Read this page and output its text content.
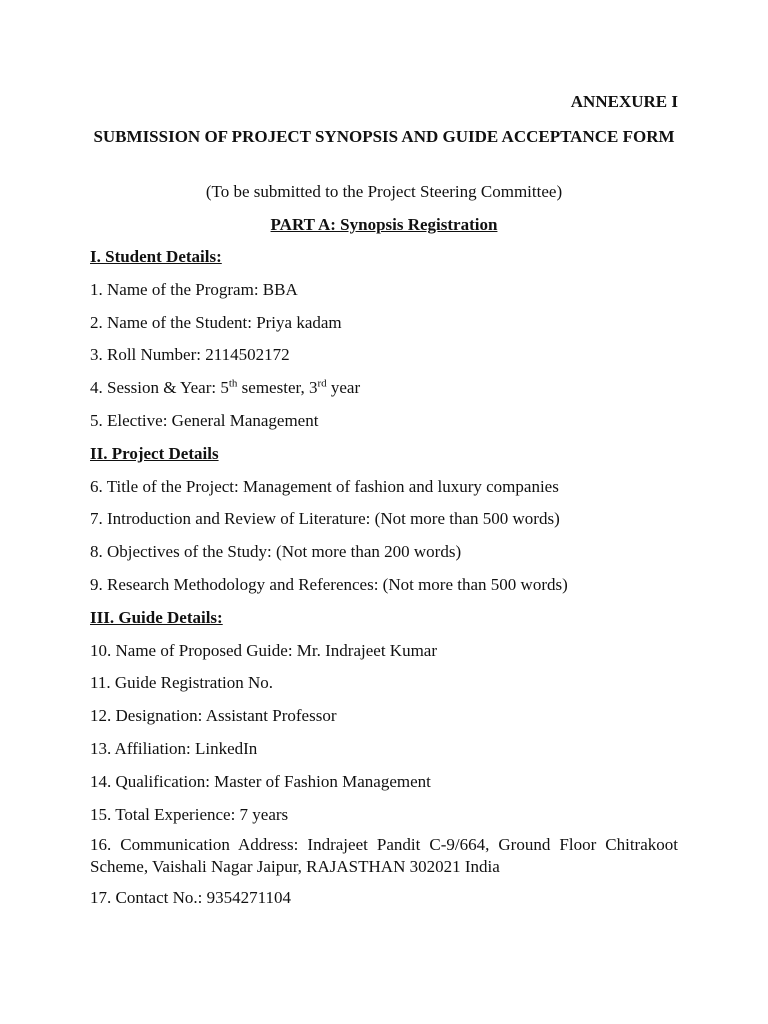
ANNEXURE I
SUBMISSION OF PROJECT SYNOPSIS AND GUIDE ACCEPTANCE FORM
(To be submitted to the Project Steering Committee)
PART A: Synopsis Registration
I. Student Details:
1. Name of the Program: BBA
2. Name of the Student: Priya kadam
3. Roll Number: 2114502172
4. Session & Year: 5th semester, 3rd year
5. Elective: General Management
II. Project Details
6. Title of the Project: Management of fashion and luxury companies
7. Introduction and Review of Literature: (Not more than 500 words)
8. Objectives of the Study: (Not more than 200 words)
9. Research Methodology and References: (Not more than 500 words)
III. Guide Details:
10. Name of Proposed Guide: Mr. Indrajeet Kumar
11. Guide Registration No.
12. Designation: Assistant Professor
13. Affiliation: LinkedIn
14. Qualification: Master of Fashion Management
15. Total Experience: 7 years
16. Communication Address: Indrajeet Pandit C-9/664, Ground Floor Chitrakoot Scheme, Vaishali Nagar Jaipur, RAJASTHAN 302021 India
17. Contact No.: 9354271104
